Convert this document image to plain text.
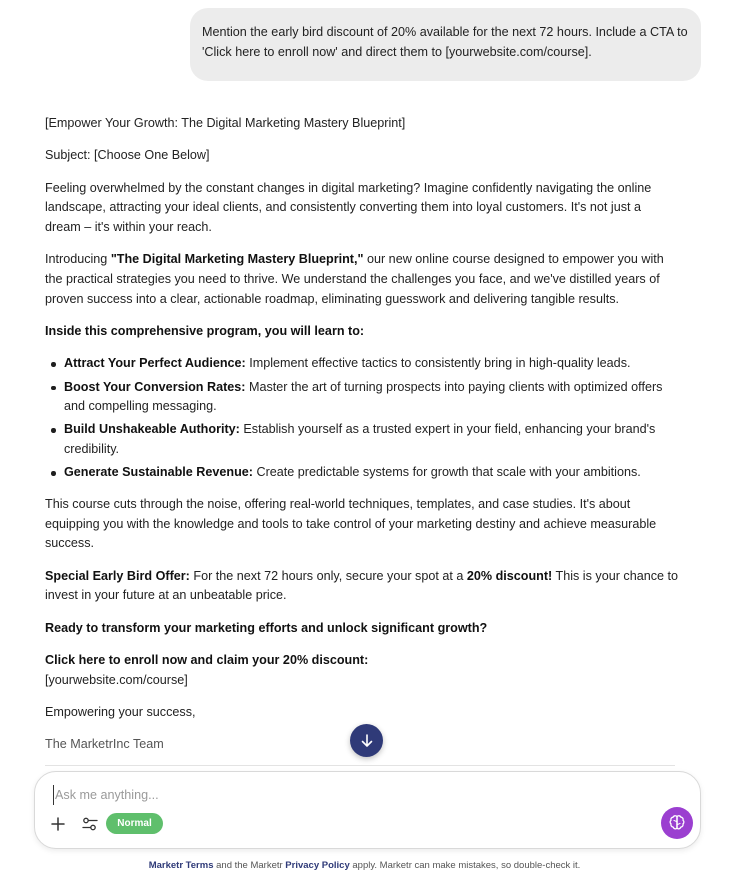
Mention the early bird discount of 20% available for the next 72 hours. Include a CTA to 'Click here to enroll now' and direct them to [yourwebsite.com/course].

[Empower Your Growth: The Digital Marketing Mastery Blueprint]

Subject: [Choose One Below]

Feeling overwhelmed by the constant changes in digital marketing? Imagine confidently navigating the online landscape, attracting your ideal clients, and consistently converting them into loyal customers. It's not just a dream – it's within your reach.

Introducing "The Digital Marketing Mastery Blueprint," our new online course designed to empower you with the practical strategies you need to thrive. We understand the challenges you face, and we've distilled years of proven success into a clear, actionable roadmap, eliminating guesswork and delivering tangible results.

Inside this comprehensive program, you will learn to:

Attract Your Perfect Audience: Implement effective tactics to consistently bring in high-quality leads.
Boost Your Conversion Rates: Master the art of turning prospects into paying clients with optimized offers and compelling messaging.
Build Unshakeable Authority: Establish yourself as a trusted expert in your field, enhancing your brand's credibility.
Generate Sustainable Revenue: Create predictable systems for growth that scale with your ambitions.

This course cuts through the noise, offering real-world techniques, templates, and case studies. It's about equipping you with the knowledge and tools to take control of your marketing destiny and achieve measurable success.

Special Early Bird Offer: For the next 72 hours only, secure your spot at a 20% discount! This is your chance to invest in your future at an unbeatable price.

Ready to transform your marketing efforts and unlock significant growth?

Click here to enroll now and claim your 20% discount:
[yourwebsite.com/course]

Empowering your success,

The MarketrInc Team

Ask me anything...
Normal
Marketr Terms and the Marketr Privacy Policy apply. Marketr can make mistakes, so double-check it.
